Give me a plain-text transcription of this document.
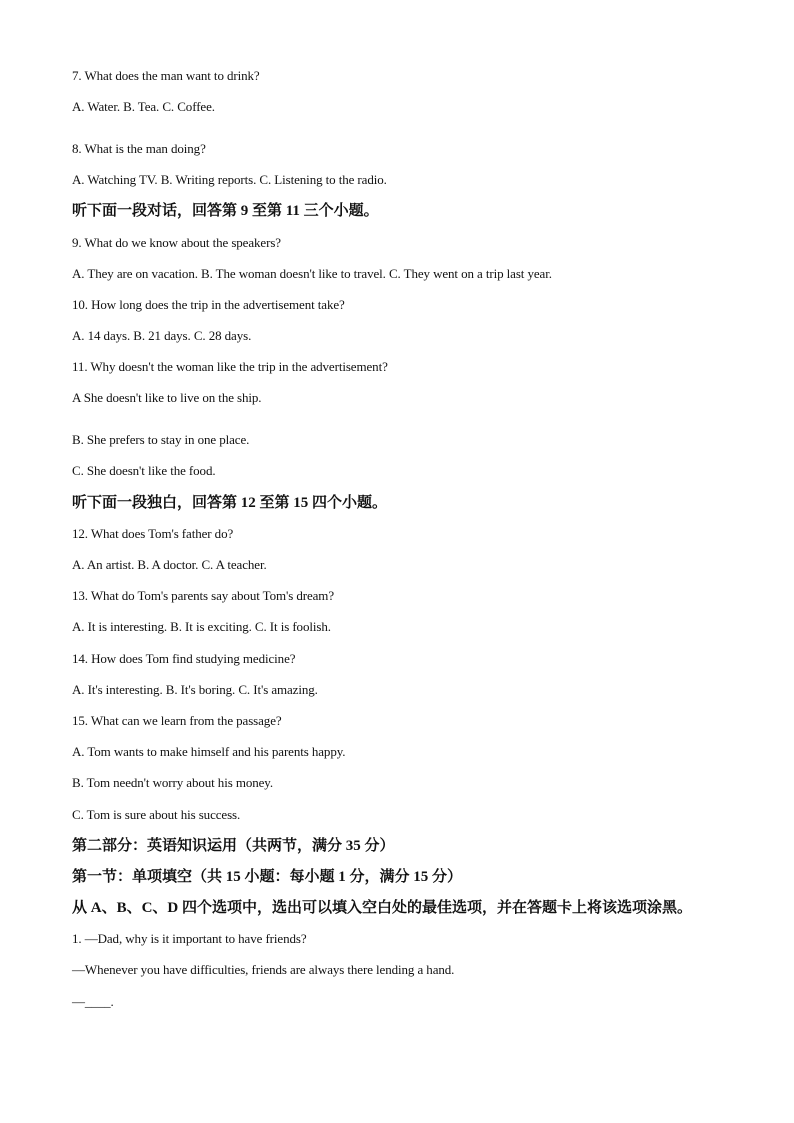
7. What does the man want to drink?
A. Water. B. Tea. C. Coffee.
8. What is the man doing?
A. Watching TV. B. Writing reports. C. Listening to the radio.
听下面一段对话，回答第 9 至第 11 三个小题。
9. What do we know about the speakers?
A. They are on vacation. B. The woman doesn't like to travel. C. They went on a trip last year.
10. How long does the trip in the advertisement take?
A. 14 days. B. 21 days. C. 28 days.
11. Why doesn't the woman like the trip in the advertisement?
A She doesn't like to live on the ship.
B. She prefers to stay in one place.
C. She doesn't like the food.
听下面一段独白，回答第 12 至第 15 四个小题。
12. What does Tom's father do?
A. An artist. B. A doctor. C. A teacher.
13. What do Tom's parents say about Tom's dream?
A. It is interesting. B. It is exciting. C. It is foolish.
14. How does Tom find studying medicine?
A. It's interesting. B. It's boring. C. It's amazing.
15. What can we learn from the passage?
A. Tom wants to make himself and his parents happy.
B. Tom needn't worry about his money.
C. Tom is sure about his success.
第二部分：英语知识运用（共两节，满分 35 分）
第一节：单项填空（共 15 小题：每小题 1 分，满分 15 分）
从 A、B、C、D 四个选项中，选出可以填入空白处的最佳选项，并在答题卡上将该选项涂黑。
1. —Dad, why is it important to have friends?
—Whenever you have difficulties, friends are always there lending a hand.
—____.
